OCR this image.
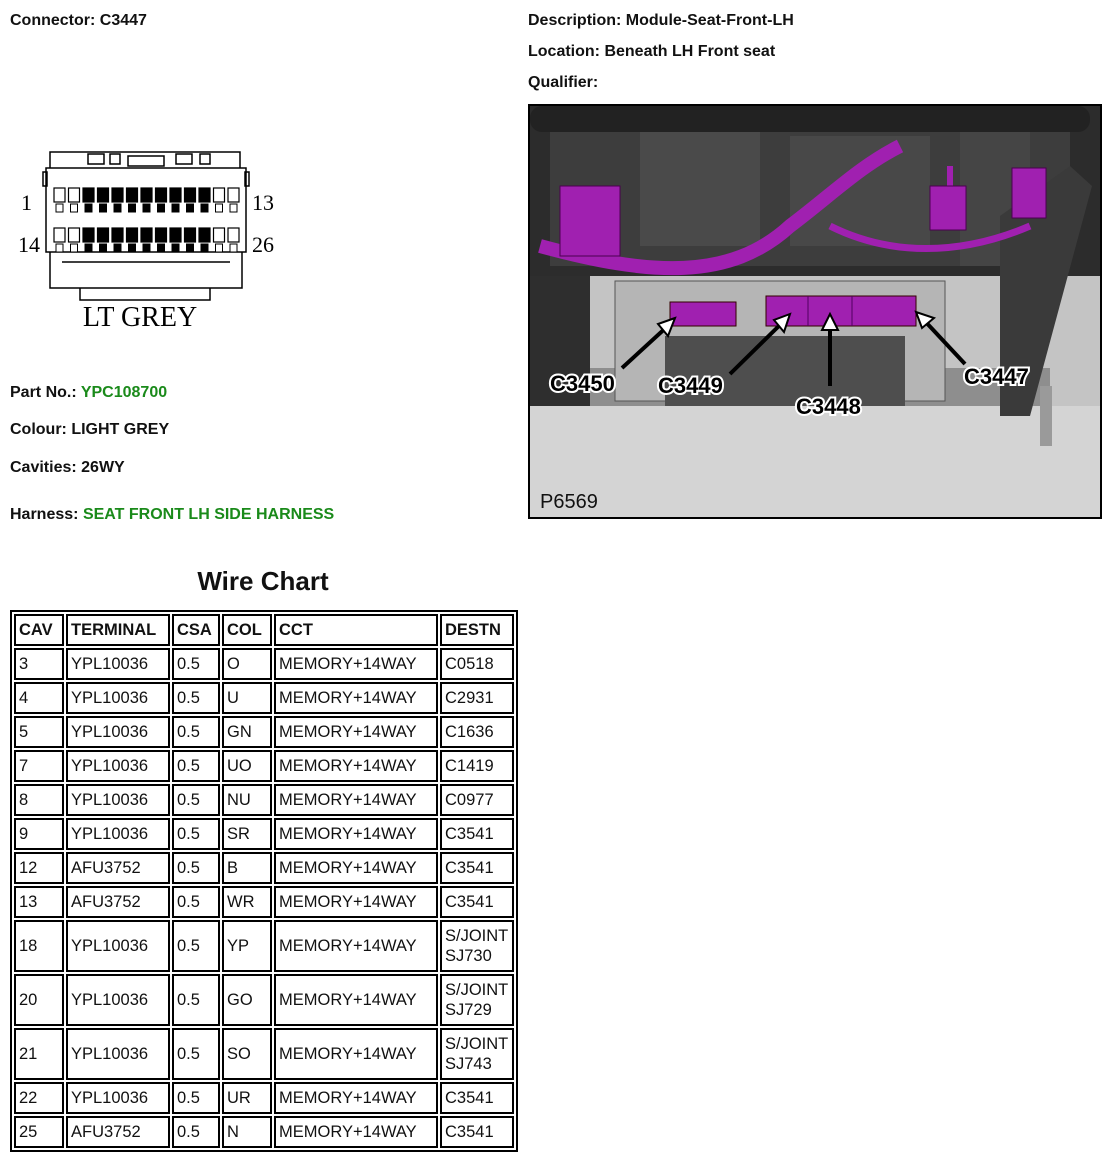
Connector: C3447	Description: Module-Seat-Front-LH
Location: Beneath LH Front seat
Qualifier:
1	13
14	26
LT GREY
C3450 C3449
C3448
C3447
P6569
Part No.: YPC108700
Colour: LIGHT GREY
Cavities: 26WY
Harness: SEAT FRONT LH SIDE HARNESS
Wire Chart
CAV	TERMINAL	CSA	COL	CCT	DESTN
3	YPL10036	0.5	O	MEMORY+14WAY	C0518
4	YPL10036	0.5	U	MEMORY+14WAY	C2931
5	YPL10036	0.5	GN	MEMORY+14WAY	C1636
7	YPL10036	0.5	UO	MEMORY+14WAY	C1419
8	YPL10036	0.5	NU	MEMORY+14WAY	C0977
9	YPL10036	0.5	SR	MEMORY+14WAY	C3541
12	AFU3752	0.5	B	MEMORY+14WAY	C3541
13	AFU3752	0.5	WR	MEMORY+14WAY	C3541
18	YPL10036	0.5	YP	MEMORY+14WAY	S/JOINT
SJ730
20	YPL10036	0.5	GO	MEMORY+14WAY	S/JOINT
SJ729
21	YPL10036	0.5	SO	MEMORY+14WAY	S/JOINT
SJ743
22	YPL10036	0.5	UR	MEMORY+14WAY	C3541
25	AFU3752	0.5	N	MEMORY+14WAY	C3541
